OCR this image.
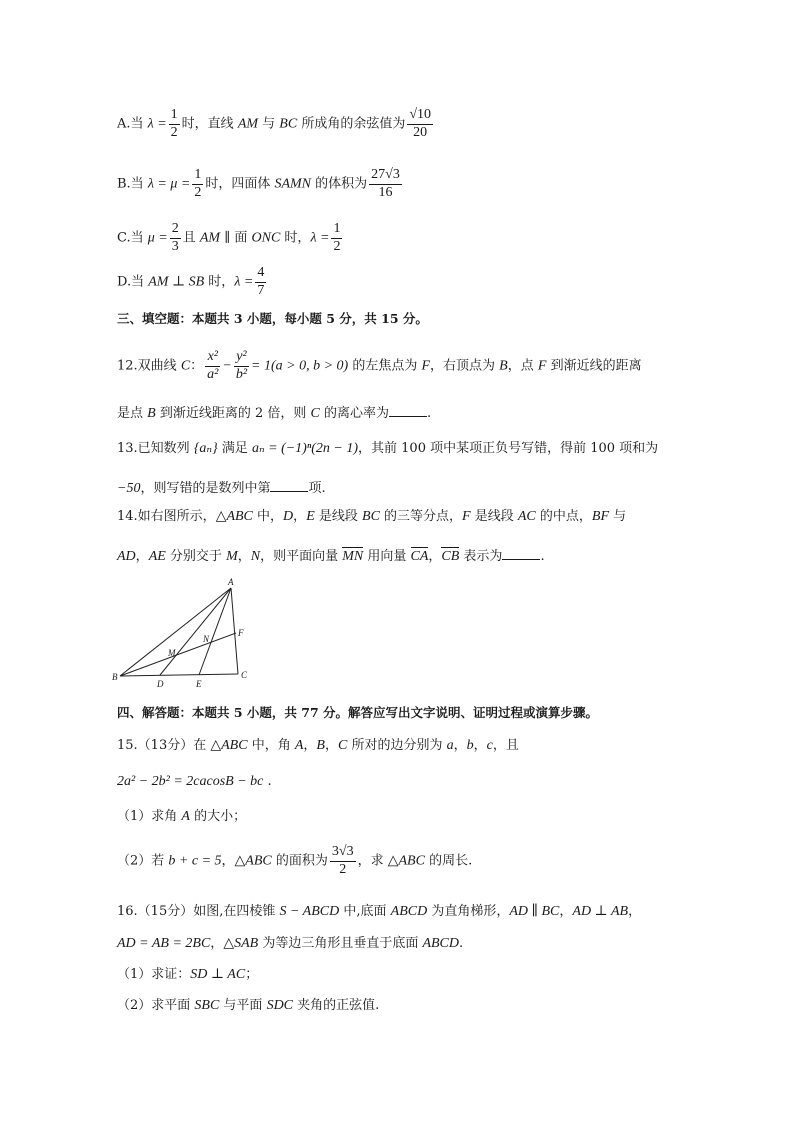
A.当 $\lambda = \frac{1}{2}$ 时，直线 AM 与 BC 所成角的余弦值为 $\frac{√10}{20}$
B.当 $\lambda = \mu = \frac{1}{2}$ 时，四面体 SAMN 的体积为 $\frac{27√3}{16}$
C.当 $\mu = \frac{2}{3}$ 且 AM ∥ 面 ONC 时，$\lambda = \frac{1}{2}$
D.当 AM ⊥ SB 时，$\lambda = \frac{4}{7}$
三、填空题：本题共 3 小题，每小题 5 分，共 15 分。
12.双曲线 C： $\frac{\text{x²}}{\text{a²}} - \frac{\text{y²}}{\text{b²}} = 1(a > 0$, b > 0) 的左焦点为 F，右顶点为 B，点 F 到渐近线的距离
是点 B 到渐近线距离的 2 倍，则 C 的离心率为	.
13.已知数列 {aₙ} 满足 aₙ = (−1)ⁿ(2n − 1)，其前 100 项中某项正负号写错，得前 100 项和为
−50，则写错的是数列中第	项.
14.如右图所示，△ABC 中，D，E 是线段 BC 的三等分点，F 是线段 AC 的中点，BF 与
AD，AE 分别交于 M，N，则平面向量 MN 用向量 CA，CB 表示为	.
A
B	C
D	E
F
M
N
四、解答题：本题共 5 小题，共 77 分。解答应写出文字说明、证明过程或演算步骤。
15.（13分）在 △ABC 中，角 A，B，C 所对的边分别为 a，b，c，且
2a² − 2b² = 2cacosB − bc .
（1）求角 A 的大小；
（2）若 b + c = 5，△ABC 的面积为 $\frac{3√3}{2}$ ，求 △ABC 的周长.
16.（15分）如图,在四棱锥 S − ABCD 中,底面 ABCD 为直角梯形，AD ∥ BC，AD ⊥ AB，
AD = AB = 2BC，△SAB 为等边三角形且垂直于底面 ABCD.
（1）求证：SD ⊥ AC；
（2）求平面 SBC 与平面 SDC 夹角的正弦值.
